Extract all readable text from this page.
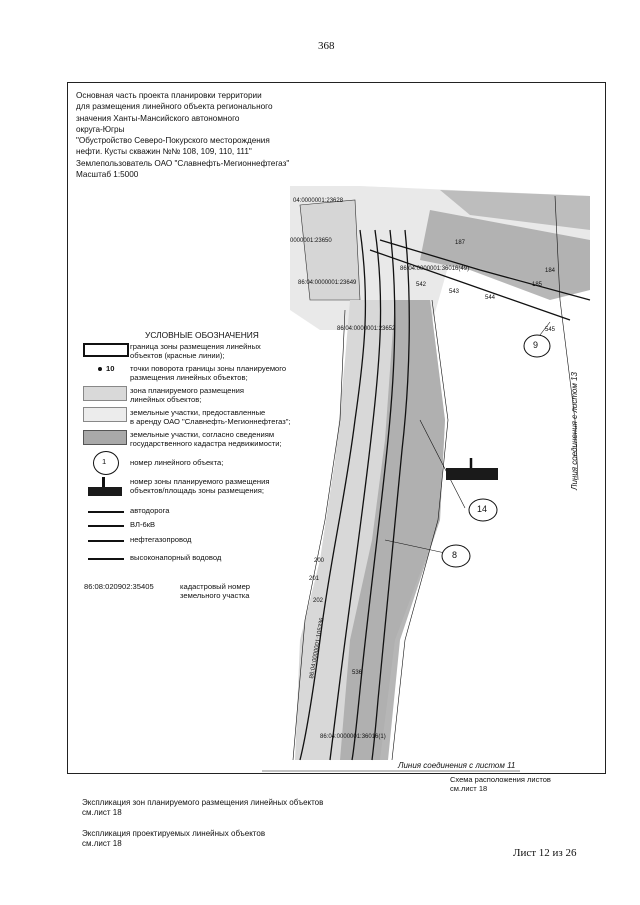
368
04:0000001:23628
0000001:23650
86:04:0000001:23649
86:04:0000001:23652
86:04:0000001:36016(49)
86:04:0000001:105336
86:04:0000001:36016(1)
542
543
544
545
187
185
184
200
201
202
536
9
14
8
Основная часть проекта планировки территории
для размещения линейного объекта регионального
значения Ханты-Мансийского автономного
округа-Югры
"Обустройство Северо-Покурского месторождения
нефти. Кусты скважин №№ 108, 109, 110, 111"
Землепользователь ОАО "Славнефть-Мегионнефтегаз"
Масштаб 1:5000
УСЛОВНЫЕ ОБОЗНАЧЕНИЯ
граница зоны размещения линейных
объектов (красные линии);
10 точки поворота границы зоны планируемого
размещения линейных объектов;
зона планируемого размещения
линейных объектов;
земельные участки, предоставленные
в аренду ОАО "Славнефть-Мегионнефтегаз";
земельные участки, согласно сведениям
государственного кадастра недвижимости;
1	номер линейного объекта;
номер зоны планируемого размещения
объектов/площадь зоны размещения;
автодорога
ВЛ-6кВ
нефтегазопровод
высоконапорный водовод
86:08:020902:35405	кадастровый номер
земельного участка
Линия соединения с листом 13
Линия соединения с листом 11
Схема расположения листов
см.лист 18
Экспликация зон планируемого размещения линейных объектов
см.лист 18
Экспликация проектируемых линейных объектов
см.лист 18
Лист 12 из 26
